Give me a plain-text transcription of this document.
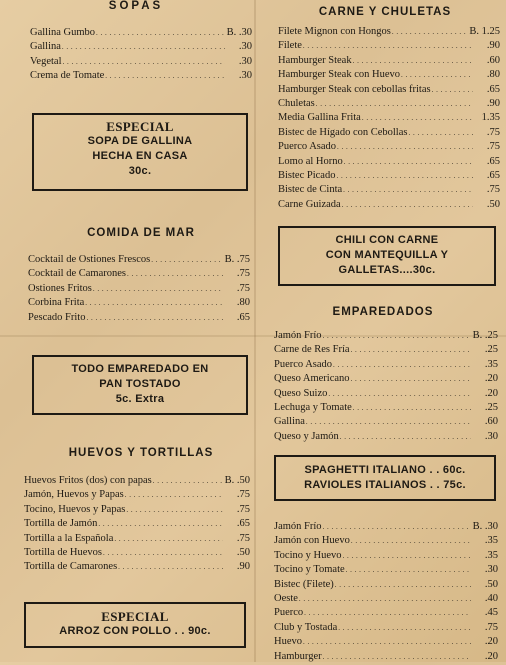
SOPAS
Gallina Gumbo . . .	B. .30
Gallina . . .	.30
Vegetal . . .	.30
Crema de Tomate . . .	.30
ESPECIAL
SOPA DE GALLINA
HECHA EN CASA
30c.
COMIDA DE MAR
Cocktail de Ostiones Frescos . . .	B. .75
Cocktail de Camarones . . .	.75
Ostiones Fritos . . .	.75
Corbina Frita . . .	.80
Pescado Frito . . .	.65
TODO EMPAREDADO EN
PAN TOSTADO
5c. Extra
HUEVOS Y TORTILLAS
Huevos Fritos (dos) con papas . . .	B. .50
Jamón, Huevos y Papas . . .	.75
Tocino, Huevos y Papas . . .	.75
Tortilla de Jamón . . .	.65
Tortilla a la Española . . .	.75
Tortilla de Huevos . . .	.50
Tortilla de Camarones . . .	.90
ESPECIAL
ARROZ CON POLLO . . 90c.
CARNE Y CHULETAS
Filete Mignon con Hongos . . .	B. 1.25
Filete . . .	.90
Hamburger Steak . . .	.60
Hamburger Steak con Huevo . . .	.80
Hamburger Steak con cebollas fritas . . .	.65
Chuletas . . .	.90
Media Gallina Frita . . .	1.35
Bistec de Hígado con Cebollas . . .	.75
Puerco Asado . . .	.75
Lomo al Horno . . .	.65
Bistec Picado . . .	.65
Bistec de Cinta . . .	.75
Carne Guizada . . .	.50
CHILI CON CARNE
CON MANTEQUILLA Y
GALLETAS....30c.
EMPAREDADOS
Jamón Frío . . .	B. .25
Carne de Res Fría . . .	.25
Puerco Asado . . .	.35
Queso Americano . . .	.20
Queso Suizo . . .	.20
Lechuga y Tomate . . .	.25
Gallina . . .	.60
Queso y Jamón . . .	.30
SPAGHETTI ITALIANO . . 60c.
RAVIOLES ITALIANOS . . 75c.
Jamón Frío . . .	B. .30
Jamón con Huevo . . .	.35
Tocino y Huevo . . .	.35
Tocino y Tomate . . .	.30
Bistec (Filete) . . .	.50
Oeste . . .	.40
Puerco . . .	.45
Club y Tostada . . .	.75
Huevo . . .	.20
Hamburger . . .	.20
